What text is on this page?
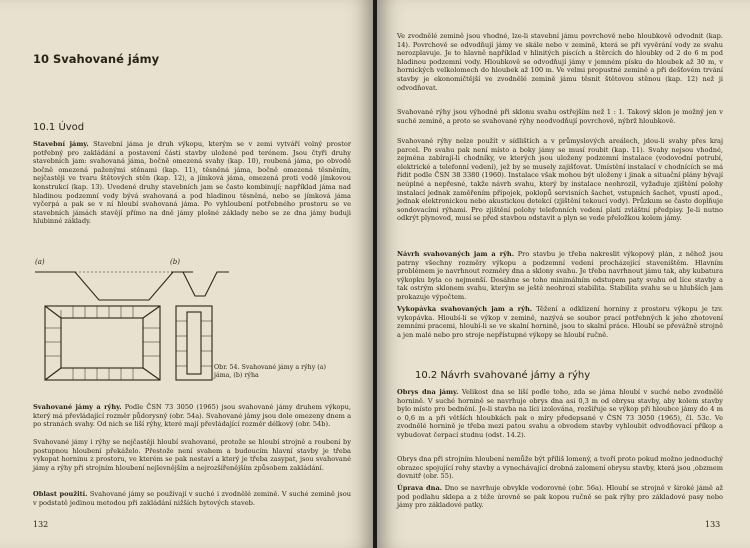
10 Svahované jámy
10.1 Úvod
Stavební jámy. Stavební jáma je druh výkopu, kterým se v zemi vytváří volný prostor potřebný pro zakládání a postavení části stavby uložené pod terénem. Jsou čtyři druhy stavebních jam: svahovaná jáma, bočně omezená svahy (kap. 10), roubená jáma, po obvodě bočně omezená paženými stěnami (kap. 11), těsněná jáma, bočně omezená těsněním, nejčastěji ve tvaru štětových stěn (kap. 12), a jímková jáma, omezená proti vodě jímkovou konstrukcí (kap. 13). Uvedené druhy stavebních jam se často kombinují; například jáma nad hladinou podzemní vody bývá svahovaná a pod hladinou těsněná, nebo se jímková jáma vyčerpá a pak se v ní hloubí svahovaná jáma. Po vyhloubení potřebného prostoru se ve stavebních jámách stavějí přímo na dně jámy plošné základy nebo se ze dna jámy buduji hlubinné základy.
(a)	(b)
Obr. 54. Svahované jámy a rýhy (a) jáma, (b) rýha
Svahované jámy a rýhy. Podle ČSN 73 3050 (1965) jsou svahované jámy druhem výkopu, který má převládající rozměr půdorysný (obr. 54a). Svahované jámy jsou dole omezeny dnem a po stranách svahy. Od nich se liší rýhy, které mají převládající rozměr délkový (obr. 54b).
Svahované jámy i rýhy se nejčastěji hloubí svahované, protože se hloubí strojně a roubení by postupnou hloubení překáželo. Přestože není svahem a budoucím hlavní stavby je třeba vykopat horninu z prostoru, ve kterém se pak nestaví a který je třeba zasypat, jsou svahované jámy a rýhy při strojním hloubení nejlevnějším a nejrozšířenějším způsobem zakládání.
Oblast použití. Svahované jámy se používají v suché i zvodnělé zemině. V suché zemině jsou v podstatě jedinou metodou při zakládání nižších bytových staveb.
132
Ve zvodnělé zemině jsou vhodné, lze-li stavební jámu povrchově nebo hloubkově odvodnit (kap. 14). Povrchově se odvodňují jámy ve skále nebo v zemině, která se při vyvěrání vody ze svahu nerozplavuje. Je to hlavně například v hlinitých píscích a štěrcích do hloubky od 2 do 6 m pod hladinou podzemní vody. Hloubkově se odvodňují jámy v jemném písku do hloubek až 30 m, v hornických velkolomech do hloubek až 100 m. Ve velmi propustné zemině a při dešťovém trvání stavby je ekonomičtější ve zvodnělé zemině jámu těsnit štětovou stěnou (kap. 12) než ji odvodňovat.
Svahované rýhy jsou výhodné při sklonu svahu ostřejším než 1 : 1. Takový sklon je možný jen v suché zemině, a proto se svahované rýhy neodvodňují povrchově, nýbrž hloubkově.
Svahované rýhy nelze použít v sídlištích a v průmyslových areálech, jdou-li svahy přes kraj parcel. Po svahu pak není místo a boky jámy se musí roubit (kap. 11). Svahy nejsou vhodné, zejména zabírají-li chodníky, ve kterých jsou uloženy podzemní instalace (vodovodní potrubí, elektrické a telefonní vedení), jež by se musely zajišťovat. Umístění instalací v chodnících se má řídit podle ČSN 38 3380 (1960). Instalace však mohou být uloženy i jinak a situační plány bývají neúplné a nepřesné, takže návrh svahu, který by instalace neohrozil, vyžaduje zjištění polohy instalací jednak zaměřením přípojek, poklopů servisních šachet, vstupních šachet, vpustí apod., jednak elektronickou nebo akustickou detekcí (zjištění tekoucí vody). Průzkum se často doplňuje sondovacími rýhami. Pro zjištění polohy telefonních vedení platí zvláštní předpisy. Je-li nutno odkrýt plynovod, musí se před stavbou odstavit a plyn se vede přeložkou kolem jámy.
Návrh svahovaných jam a rýh. Pro stavbu je třeba nakreslit výkopový plán, z něhož jsou patrny všechny rozměry výkopu a podzemní vedení procházející staveništěm. Hlavním problémem je navrhnout rozměry dna a sklony svahu. Je třeba navrhnout jámu tak, aby kubatura výkopku byla co nejmenší. Dosáhne se toho minimálním odstupem paty svahu od líce stavby a tak ostrým sklonem svahu, kterým se ještě neohrozí stabilita. Stabilita svahu se u hlubších jam prokazuje výpočtem.
Vykopávka svahovaných jam a rýh. Těžení a odklizení horniny z prostoru výkopu je tzv. vykopávka. Hloubí-li se výkop v zemině, nazývá se soubor prací potřebných k jeho zhotovení zemními pracemi, hloubí-li se ve skalní hornině, jsou to skalní práce. Hloubí se převážně strojně a jen malé nebo pro stroje nepřístupné výkopy se hloubí ručně.
10.2 Návrh svahované jámy a rýhy
Obrys dna jámy. Velikost dna se liší podle toho, zda se jáma hloubí v suché nebo zvodnělé hornině. V suché hornině se navrhuje obrys dna asi 0,3 m od obrysu stavby, aby kolem stavby bylo místo pro bednění. Je-li stavba na líci izolována, rozšiřuje se výkop při hloubce jámy do 4 m o 0,6 m a při větších hloubkách pak o míry předepsané v ČSN 73 3050 (1965), čl. 53c. Ve zvodnělé hornině je třeba mezi patou svahu a obvodem stavby vyhloubit odvodňovací příkop a vybudovat čerpací studnu (odst. 14.2).
Obrys dna při strojním hloubení nemůže být příliš lomený, a tvoří proto pokud možno jednoduchý obrazec spojující rohy stavby a vynechávající drobná zalomení obrysu stavby, která jsou ‚obzmem dovnitř (obr. 55).
Úprava dna. Dno se navrhuje obvykle vodorovné (obr. 56a). Hloubí se strojně v široké jámě až pod podlahu sklepa a z téže úrovně se pak kopou ručně se pak rýhy pro základové pasy nebo jámy pro základové patky.
133
